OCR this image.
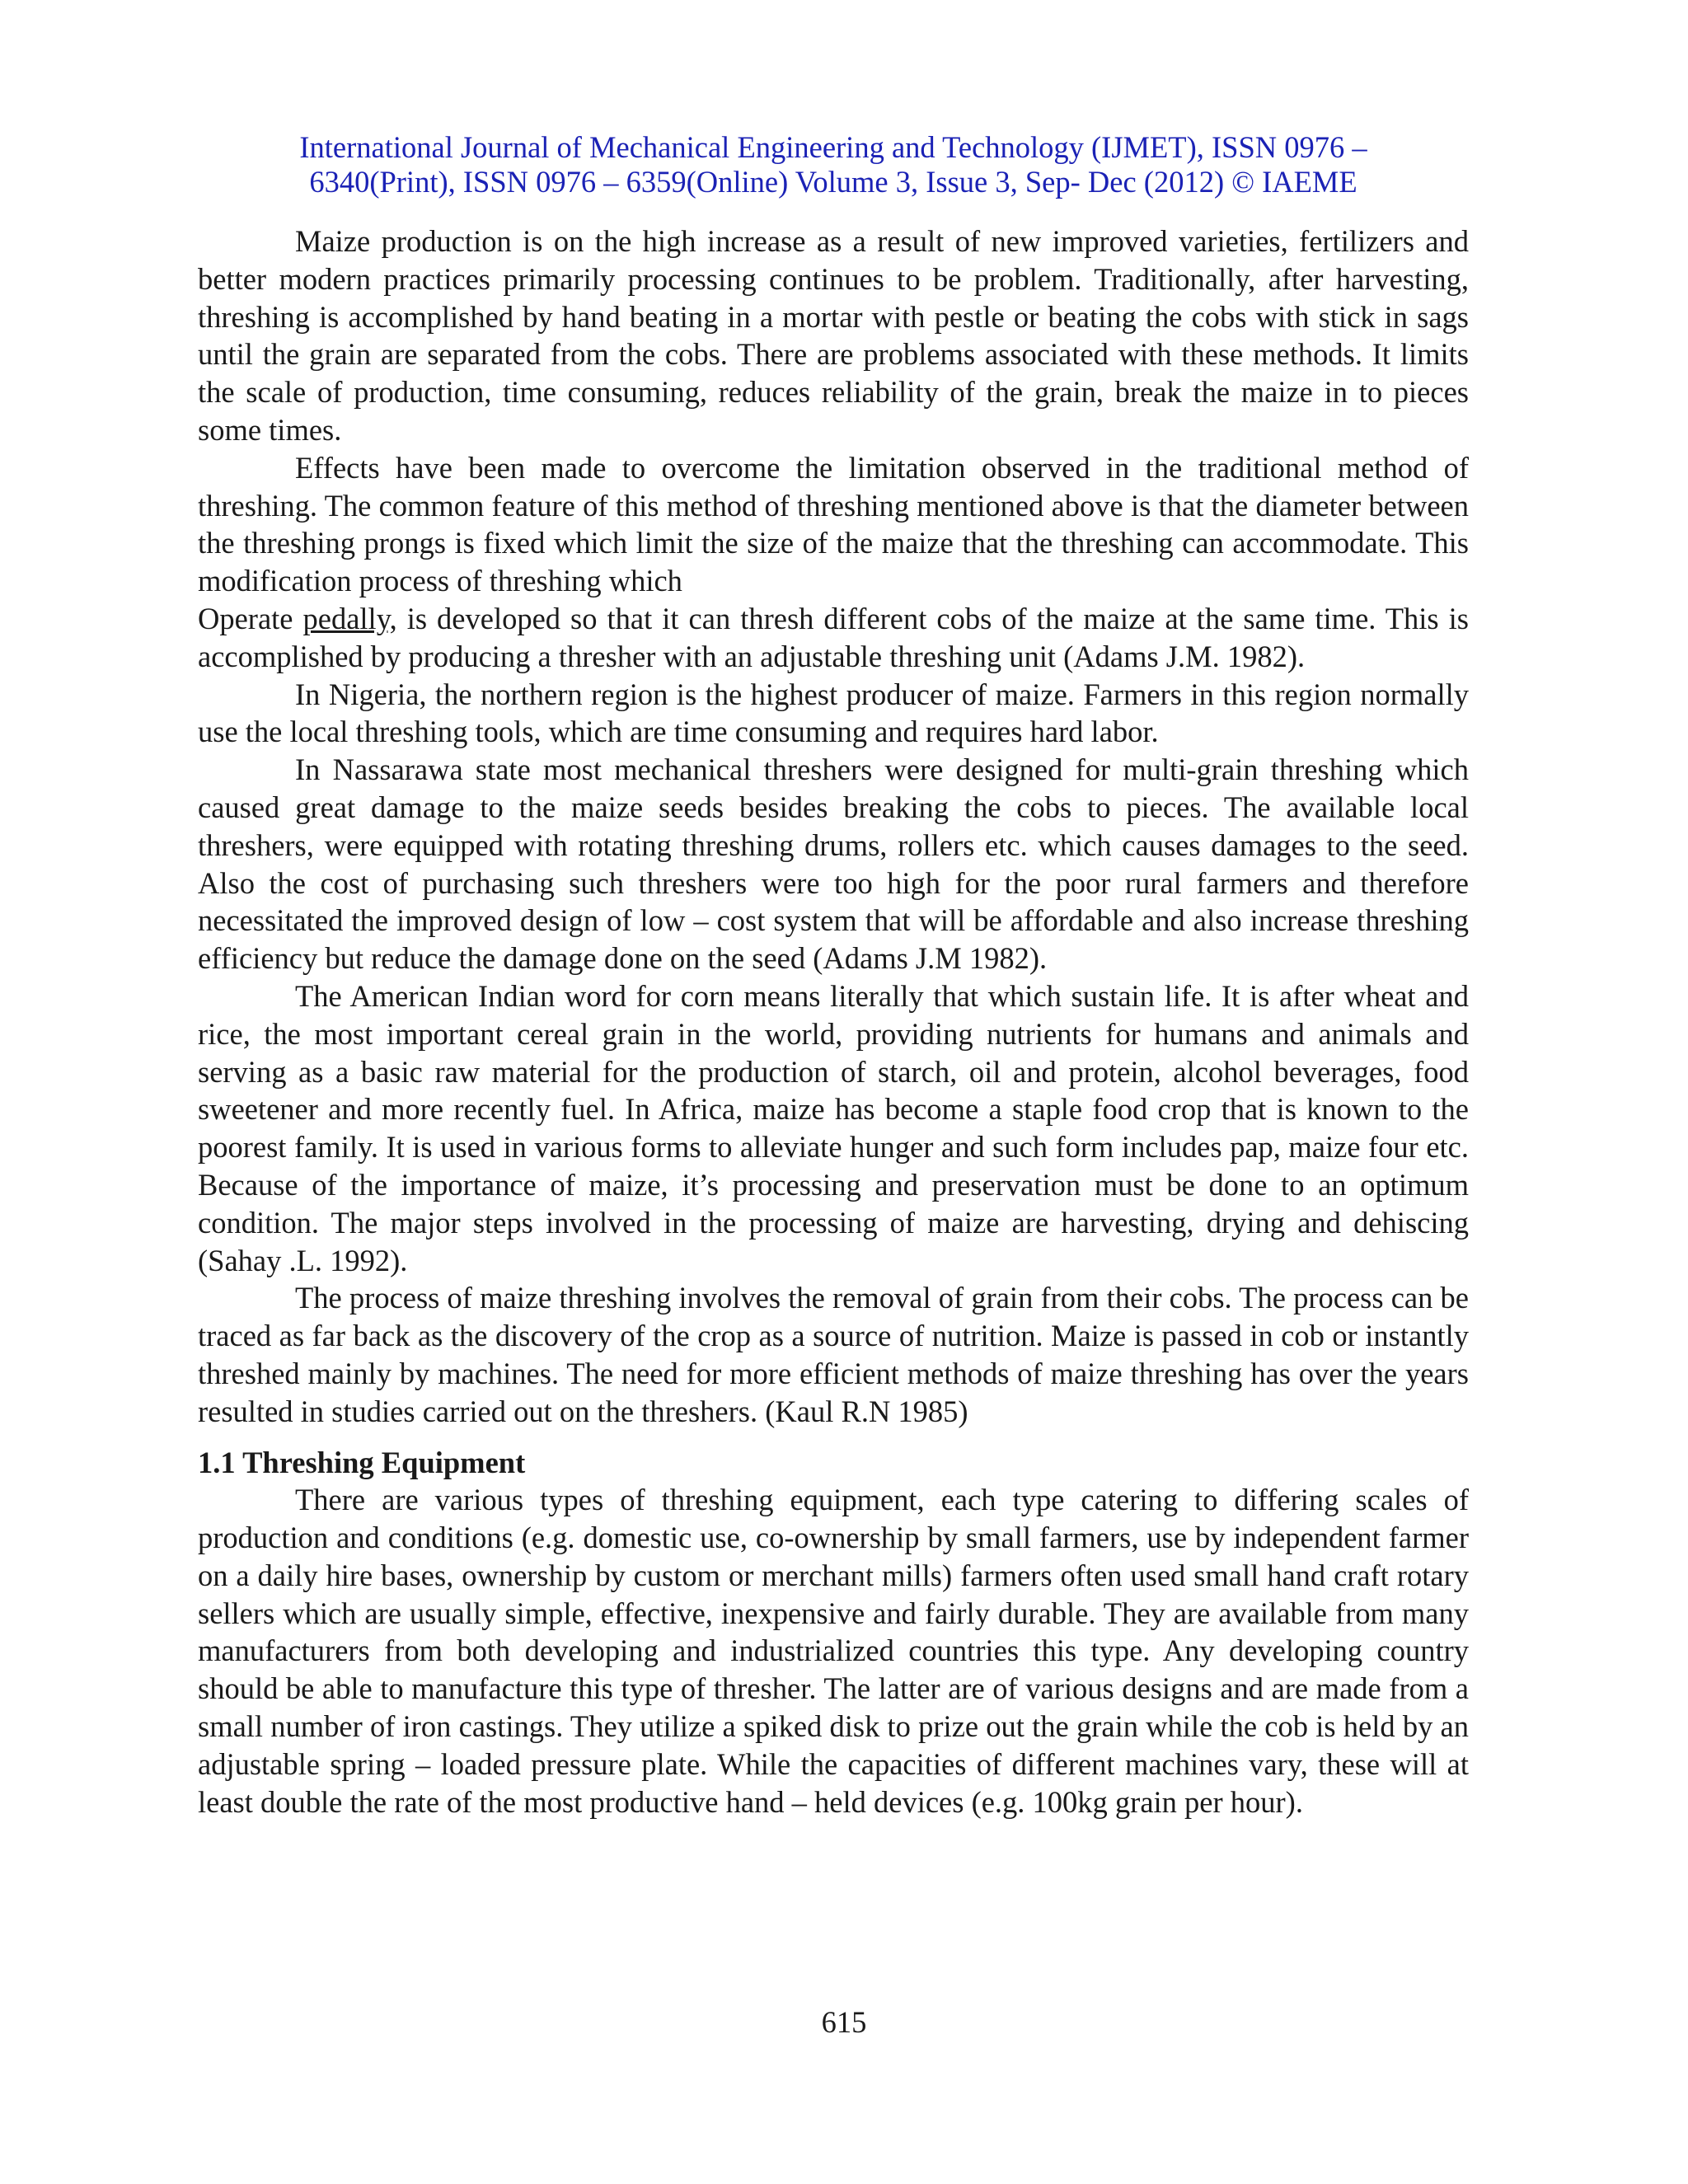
International Journal of Mechanical Engineering and Technology (IJMET), ISSN 0976 –
6340(Print), ISSN 0976 – 6359(Online) Volume 3, Issue 3, Sep- Dec (2012) © IAEME

Maize production is on the high increase as a result of new improved varieties, fertilizers and better modern practices primarily processing continues to be problem. Traditionally, after harvesting, threshing is accomplished by hand beating in a mortar with pestle or beating the cobs with stick in sags until the grain are separated from the cobs. There are problems associated with these methods. It limits the scale of production, time consuming, reduces reliability of the grain, break the maize in to pieces some times.

Effects have been made to overcome the limitation observed in the traditional method of threshing. The common feature of this method of threshing mentioned above is that the diameter between the threshing prongs is fixed which limit the size of the maize that the threshing can accommodate. This modification process of threshing which

Operate pedally, is developed so that it can thresh different cobs of the maize at the same time. This is accomplished by producing a thresher with an adjustable threshing unit (Adams J.M. 1982).

In Nigeria, the northern region is the highest producer of maize. Farmers in this region normally use the local threshing tools, which are time consuming and requires hard labor.

In Nassarawa state most mechanical threshers were designed for multi-grain threshing which caused great damage to the maize seeds besides breaking the cobs to pieces. The available local threshers, were equipped with rotating threshing drums, rollers etc. which causes damages to the seed. Also the cost of purchasing such threshers were too high for the poor rural farmers and therefore necessitated the improved design of low – cost system that will be affordable and also increase threshing efficiency but reduce the damage done on the seed (Adams J.M 1982).

The American Indian word for corn means literally that which sustain life. It is after wheat and rice, the most important cereal grain in the world, providing nutrients for humans and animals and serving as a basic raw material for the production of starch, oil and protein, alcohol beverages, food sweetener and more recently fuel. In Africa, maize has become a staple food crop that is known to the poorest family. It is used in various forms to alleviate hunger and such form includes pap, maize four etc. Because of the importance of maize, it’s processing and preservation must be done to an optimum condition. The major steps involved in the processing of maize are harvesting, drying and dehiscing (Sahay .L. 1992).

The process of maize threshing involves the removal of grain from their cobs. The process can be traced as far back as the discovery of the crop as a source of nutrition. Maize is passed in cob or instantly threshed mainly by machines. The need for more efficient methods of maize threshing has over the years resulted in studies carried out on the threshers. (Kaul R.N 1985)

1.1 Threshing Equipment

There are various types of threshing equipment, each type catering to differing scales of production and conditions (e.g. domestic use, co-ownership by small farmers, use by independent farmer on a daily hire bases, ownership by custom or merchant mills) farmers often used small hand craft rotary sellers which are usually simple, effective, inexpensive and fairly durable. They are available from many manufacturers from both developing and industrialized countries this type. Any developing country should be able to manufacture this type of thresher. The latter are of various designs and are made from a small number of iron castings. They utilize a spiked disk to prize out the grain while the cob is held by an adjustable spring – loaded pressure plate. While the capacities of different machines vary, these will at least double the rate of the most productive hand – held devices (e.g. 100kg grain per hour).

615
